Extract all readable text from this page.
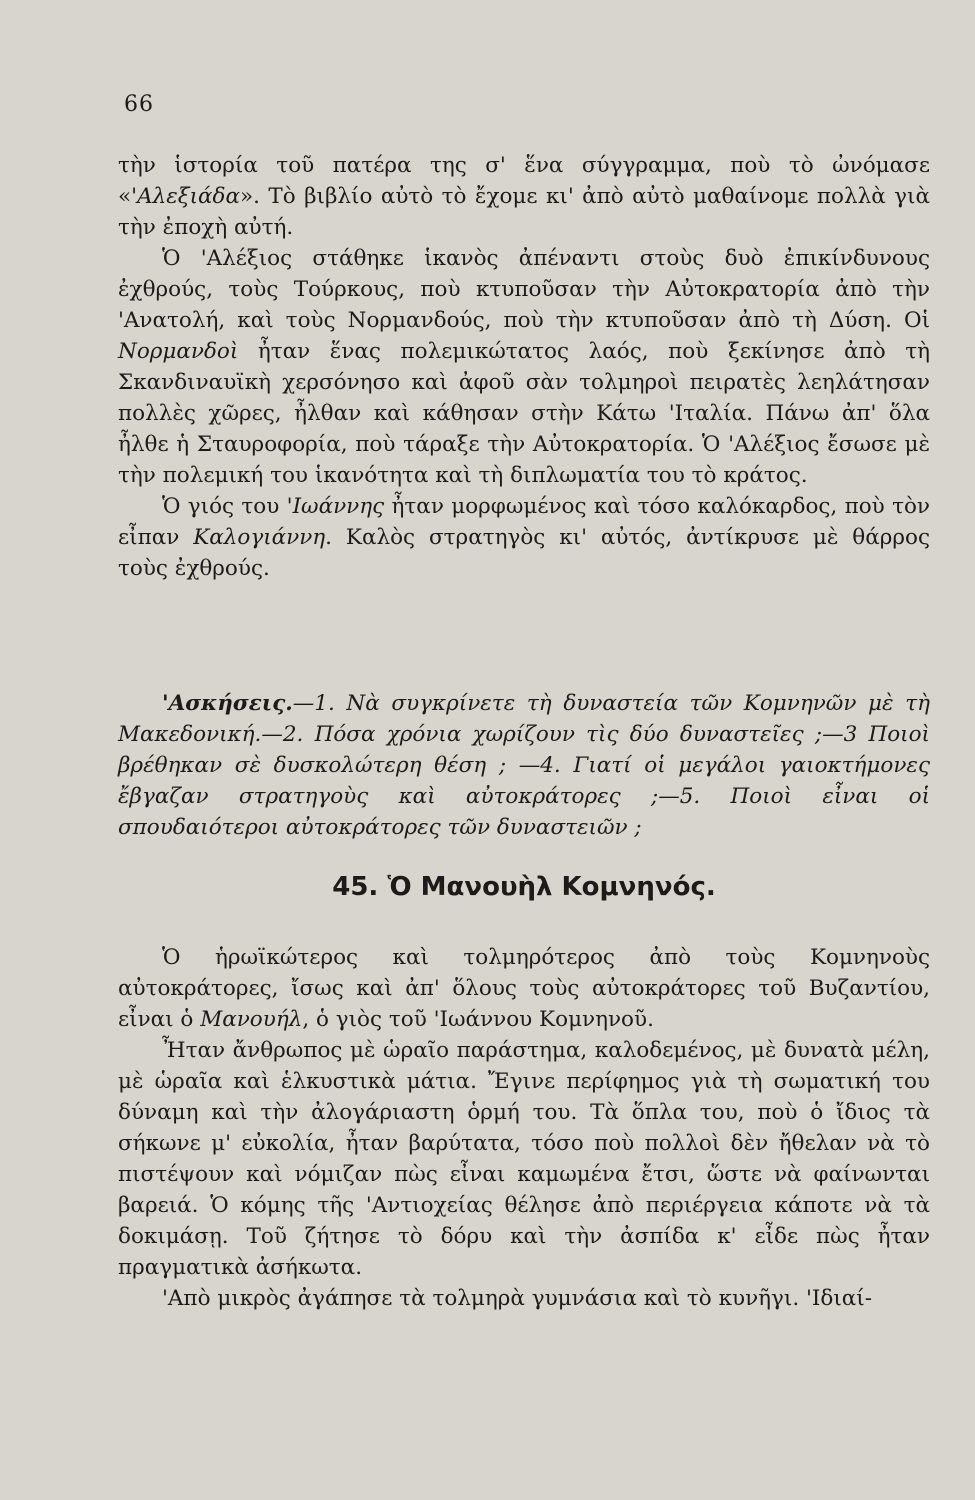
66

τὴν ἱστορία τοῦ πατέρα της σ' ἕνα σύγγραμμα, ποὺ τὸ ὠνόμασε «'Αλεξιάδα». Τὸ βιβλίο αὐτὸ τὸ ἔχομε κι' ἀπὸ αὐτὸ μαθαίνομε πολλὰ γιὰ τὴν ἐποχὴ αὐτή.

Ὁ 'Αλέξιος στάθηκε ἱκανὸς ἀπέναντι στοὺς δυὸ ἐπικίνδυνους ἐχθρούς, τοὺς Τούρκους, ποὺ κτυποῦσαν τὴν Αὐτοκρατορία ἀπὸ τὴν 'Ανατολή, καὶ τοὺς Νορμανδούς, ποὺ τὴν κτυποῦσαν ἀπὸ τὴ Δύση. Οἱ Νορμανδοὶ ἦταν ἕνας πολεμικώτατος λαός, ποὺ ξεκίνησε ἀπὸ τὴ Σκανδιναυϊκὴ χερσόνησο καὶ ἀφοῦ σὰν τολμηροὶ πειρατὲς λεηλάτησαν πολλὲς χῶρες, ἦλθαν καὶ κάθησαν στὴν Κάτω 'Ιταλία. Πάνω ἀπ' ὅλα ἦλθε ἡ Σταυροφορία, ποὺ τάραξε τὴν Αὐτοκρατορία. Ὁ 'Αλέξιος ἔσωσε μὲ τὴν πολεμική του ἱκανότητα καὶ τὴ διπλωματία του τὸ κράτος.

Ὁ γιός του 'Ιωάννης ἦταν μορφωμένος καὶ τόσο καλόκαρδος, ποὺ τὸν εἶπαν Καλογιάννη. Καλὸς στρατηγὸς κι' αὐτός, ἀντίκρυσε μὲ θάρρος τοὺς ἐχθρούς.

'Ασκήσεις.—1. Νὰ συγκρίνετε τὴ δυναστεία τῶν Κομνηνῶν μὲ τὴ Μακεδονική.—2. Πόσα χρόνια χωρίζουν τὶς δύο δυναστεῖες ;—3 Ποιοὶ βρέθηκαν σὲ δυσκολώτερη θέση ; —4. Γιατί οἱ μεγάλοι γαιοκτήμονες ἔβγαζαν στρατηγοὺς καὶ αὐτοκράτορες ;—5. Ποιοὶ εἶναι οἱ σπουδαιότεροι αὐτοκράτορες τῶν δυναστειῶν ;

45. Ὁ Μανουὴλ Κομνηνός.

Ὁ ἡρωϊκώτερος καὶ τολμηρότερος ἀπὸ τοὺς Κομνηνοὺς αὐτοκράτορες, ἴσως καὶ ἀπ' ὅλους τοὺς αὐτοκράτορες τοῦ Βυζαντίου, εἶναι ὁ Μανουήλ, ὁ γιὸς τοῦ 'Ιωάννου Κομνηνοῦ.

Ἦταν ἄνθρωπος μὲ ὡραῖο παράστημα, καλοδεμένος, μὲ δυνατὰ μέλη, μὲ ὡραῖα καὶ ἑλκυστικὰ μάτια. Ἔγινε περίφημος γιὰ τὴ σωματική του δύναμη καὶ τὴν ἀλογάριαστη ὁρμή του. Τὰ ὅπλα του, ποὺ ὁ ἴδιος τὰ σήκωνε μ' εὐκολία, ἦταν βαρύτατα, τόσο ποὺ πολλοὶ δὲν ἤθελαν νὰ τὸ πιστέψουν καὶ νόμιζαν πὼς εἶναι καμωμένα ἔτσι, ὥστε νὰ φαίνωνται βαρειά. Ὁ κόμης τῆς 'Αντιοχείας θέλησε ἀπὸ περιέργεια κάποτε νὰ τὰ δοκιμάσῃ. Τοῦ ζήτησε τὸ δόρυ καὶ τὴν ἀσπίδα κ' εἶδε πὼς ἦταν πραγματικὰ ἀσήκωτα.

'Απὸ μικρὸς ἀγάπησε τὰ τολμηρὰ γυμνάσια καὶ τὸ κυνῆγι. 'Ιδιαί-
